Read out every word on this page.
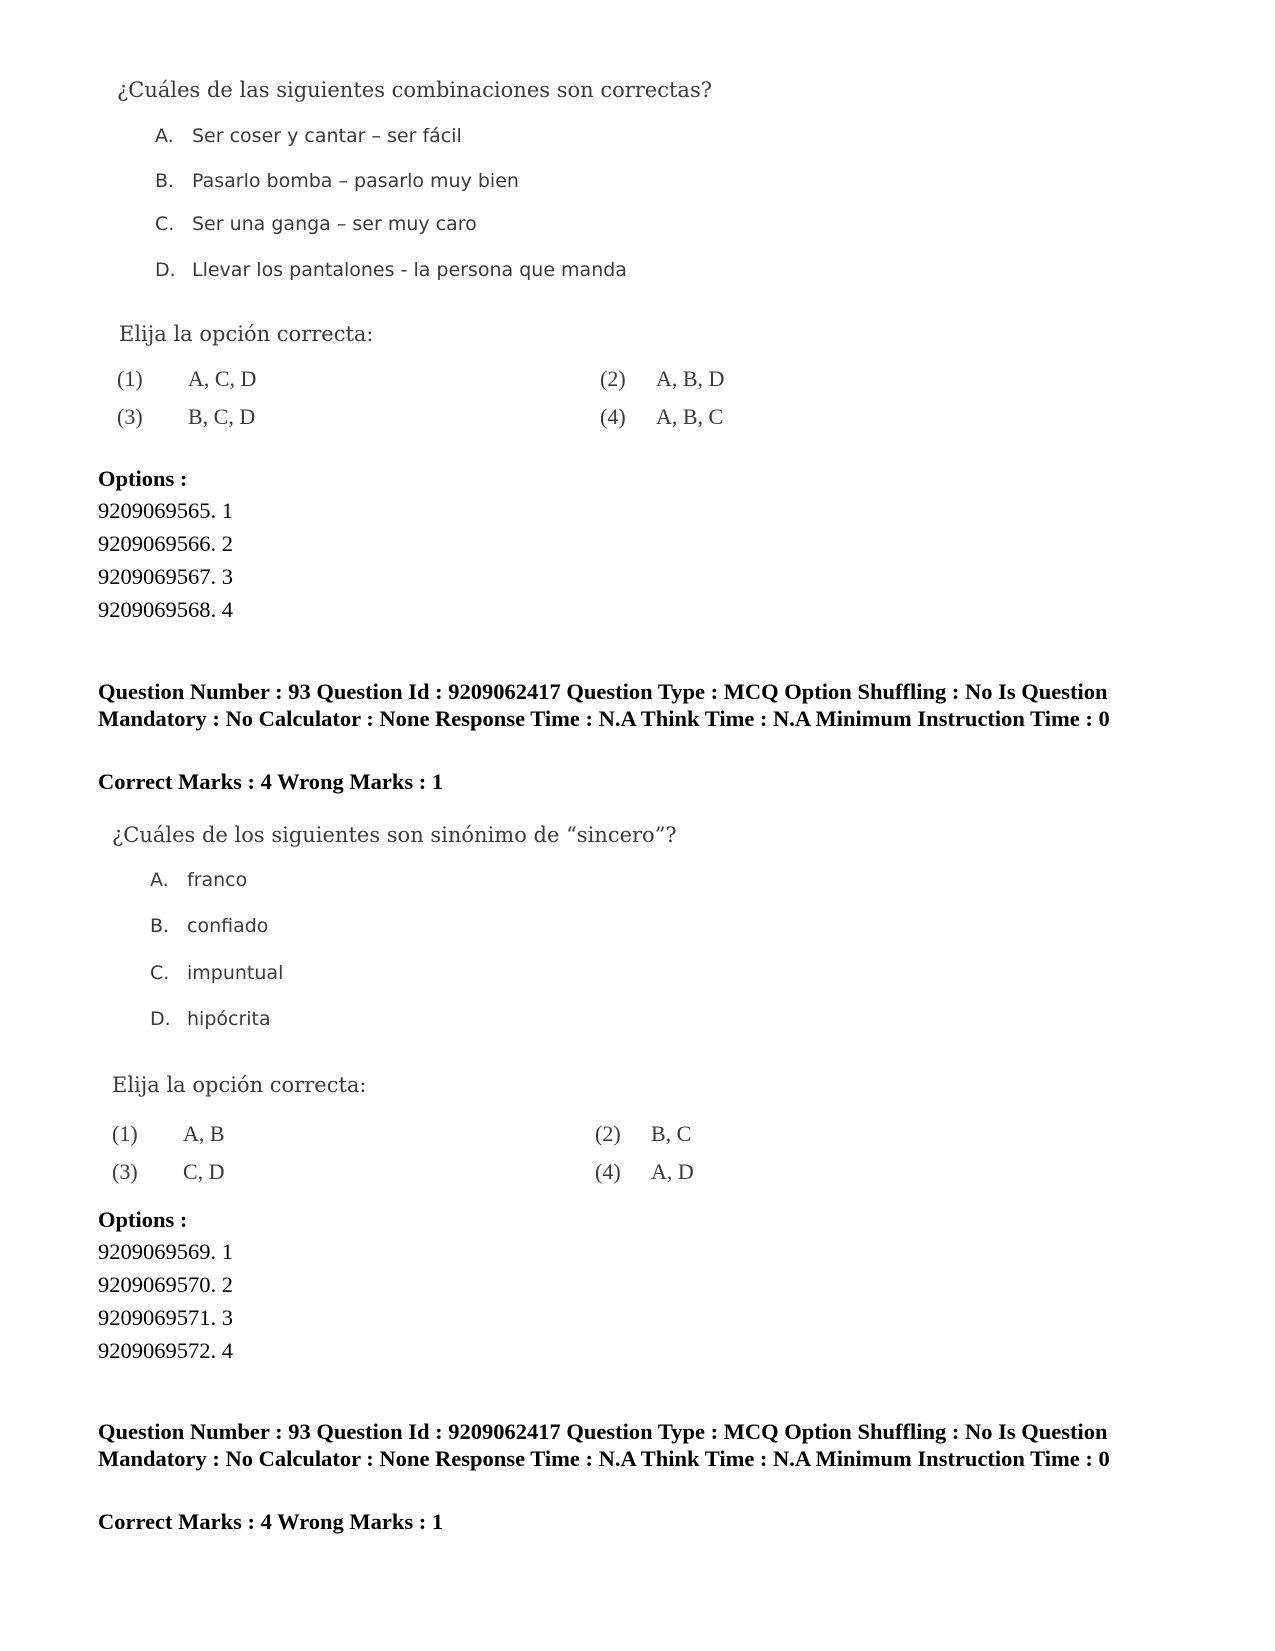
¿Cuáles de las siguientes combinaciones son correctas?
A. Ser coser y cantar – ser fácil
B. Pasarlo bomba – pasarlo muy bien
C. Ser una ganga – ser muy caro
D. Llevar los pantalones - la persona que manda
Elija la opción correcta:
(1) A, C, D	(2) A, B, D
(3) B, C, D	(4) A, B, C
Options :
9209069565. 1
9209069566. 2
9209069567. 3
9209069568. 4
Question Number : 93 Question Id : 9209062417 Question Type : MCQ Option Shuffling : No Is Question Mandatory : No Calculator : None Response Time : N.A Think Time : N.A Minimum Instruction Time : 0
Correct Marks : 4 Wrong Marks : 1
¿Cuáles de los siguientes son sinónimo de “sincero”?
A. franco
B. confiado
C. impuntual
D. hipócrita
Elija la opción correcta:
(1) A, B	(2) B, C
(3) C, D	(4) A, D
Options :
9209069569. 1
9209069570. 2
9209069571. 3
9209069572. 4
Question Number : 93 Question Id : 9209062417 Question Type : MCQ Option Shuffling : No Is Question Mandatory : No Calculator : None Response Time : N.A Think Time : N.A Minimum Instruction Time : 0
Correct Marks : 4 Wrong Marks : 1
